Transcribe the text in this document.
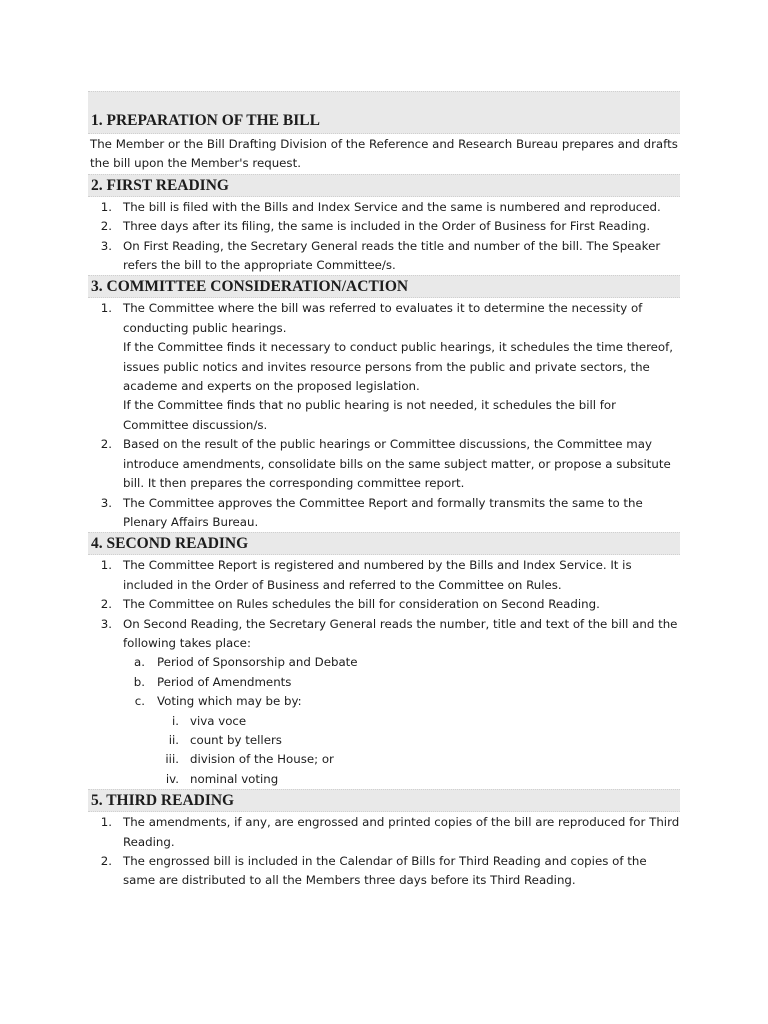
1. PREPARATION OF THE BILL

The Member or the Bill Drafting Division of the Reference and Research Bureau prepares and drafts the bill upon the Member's request.

2. FIRST READING
1. The bill is filed with the Bills and Index Service and the same is numbered and reproduced.
2. Three days after its filing, the same is included in the Order of Business for First Reading.
3. On First Reading, the Secretary General reads the title and number of the bill. The Speaker refers the bill to the appropriate Committee/s.
3. COMMITTEE CONSIDERATION/ACTION
1. The Committee where the bill was referred to evaluates it to determine the necessity of conducting public hearings.
If the Committee finds it necessary to conduct public hearings, it schedules the time thereof, issues public notics and invites resource persons from the public and private sectors, the academe and experts on the proposed legislation.
If the Committee finds that no public hearing is not needed, it schedules the bill for Committee discussion/s.
2. Based on the result of the public hearings or Committee discussions, the Committee may introduce amendments, consolidate bills on the same subject matter, or propose a subsitute bill. It then prepares the corresponding committee report.
3. The Committee approves the Committee Report and formally transmits the same to the Plenary Affairs Bureau.
4. SECOND READING
1. The Committee Report is registered and numbered by the Bills and Index Service. It is included in the Order of Business and referred to the Committee on Rules.
2. The Committee on Rules schedules the bill for consideration on Second Reading.
3. On Second Reading, the Secretary General reads the number, title and text of the bill and the following takes place:
a. Period of Sponsorship and Debate
b. Period of Amendments
c. Voting which may be by:
i. viva voce
ii. count by tellers
iii. division of the House; or
iv. nominal voting
5. THIRD READING
1. The amendments, if any, are engrossed and printed copies of the bill are reproduced for Third Reading.
2. The engrossed bill is included in the Calendar of Bills for Third Reading and copies of the same are distributed to all the Members three days before its Third Reading.
